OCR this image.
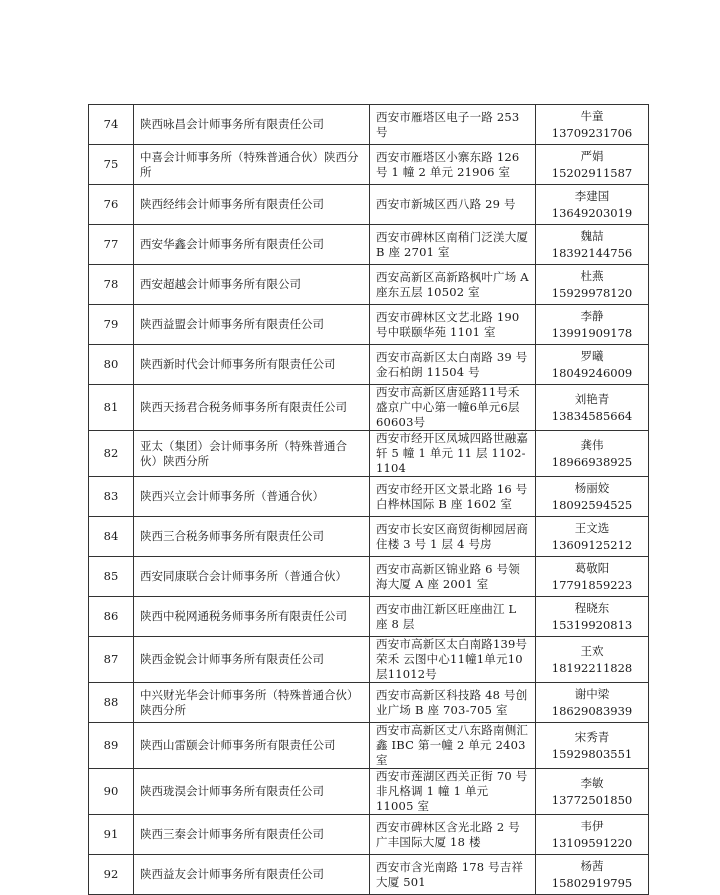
74	陕西咏昌会计师事务所有限责任公司	西安市雁塔区电子一路 253 号	牛童
13709231706

75	中喜会计师事务所（特殊普通合伙）陕西分所	西安市雁塔区小寨东路 126 号 1 幢 2 单元 21906 室	严娟
15202911587

76	陕西经纬会计师事务所有限责任公司	西安市新城区西八路 29 号	李建国
13649203019

77	西安华鑫会计师事务所有限责任公司	西安市碑林区南稍门泛渼大厦 B 座 2701 室	魏喆
18392144756

78	西安超越会计师事务所有限公司	西安高新区高新路枫叶广场 A 座东五层 10502 室	杜燕
15929978120

79	陕西益盟会计师事务所有限责任公司	西安市碑林区文艺北路 190 号中联颐华苑 1101 室	李静
13991909178

80	陕西新时代会计师事务所有限责任公司	西安市高新区太白南路 39 号金石柏朗 11504 号	罗曦
18049246009

81	陕西天扬君合税务师事务所有限责任公司	西安市高新区唐延路11号禾盛京广中心第一幢6单元6层60603号	刘艳青
13834585664

82	亚太（集团）会计师事务所（特殊普通合伙）陕西分所	西安市经开区凤城四路世融嘉轩 5 幢 1 单元 11 层 1102-1104	龚伟
18966938925

83	陕西兴立会计师事务所（普通合伙）	西安市经开区文景北路 16 号白桦林国际 B 座 1602 室	杨丽姣
18092594525

84	陕西三合税务师事务所有限责任公司	西安市长安区商贸街柳园居商住楼 3 号 1 层 4 号房	王文选
13609125212

85	西安同康联合会计师事务所（普通合伙）	西安市高新区锦业路 6 号领海大厦 A 座 2001 室	葛敬阳
17791859223

86	陕西中税网通税务师事务所有限责任公司	西安市曲江新区旺座曲江 L 座 8 层	程晓东
15319920813

87	陕西金锐会计师事务所有限责任公司	西安市高新区太白南路139号荣禾 云图中心11幢1单元10层11012号	王欢
18192211828

88	中兴财光华会计师事务所（特殊普通合伙）陕西分所	西安市高新区科技路 48 号创业广场 B 座 703-705 室	谢中梁
18629083939

89	陕西山雷颐会计师事务所有限责任公司	西安市高新区丈八东路南侧汇鑫 IBC 第一幢 2 单元 2403 室	宋秀青
15929803551

90	陕西珑淏会计师事务所有限责任公司	西安市莲湖区西关正街 70 号非凡格调 1 幢 1 单元 11005 室	李敏
13772501850

91	陕西三秦会计师事务所有限责任公司	西安市碑林区含光北路 2 号广丰国际大厦 18 楼	韦伊
13109591220

92	陕西益友会计师事务所有限责任公司	西安市含光南路 178 号吉祥大厦 501	杨茜
15802919795
